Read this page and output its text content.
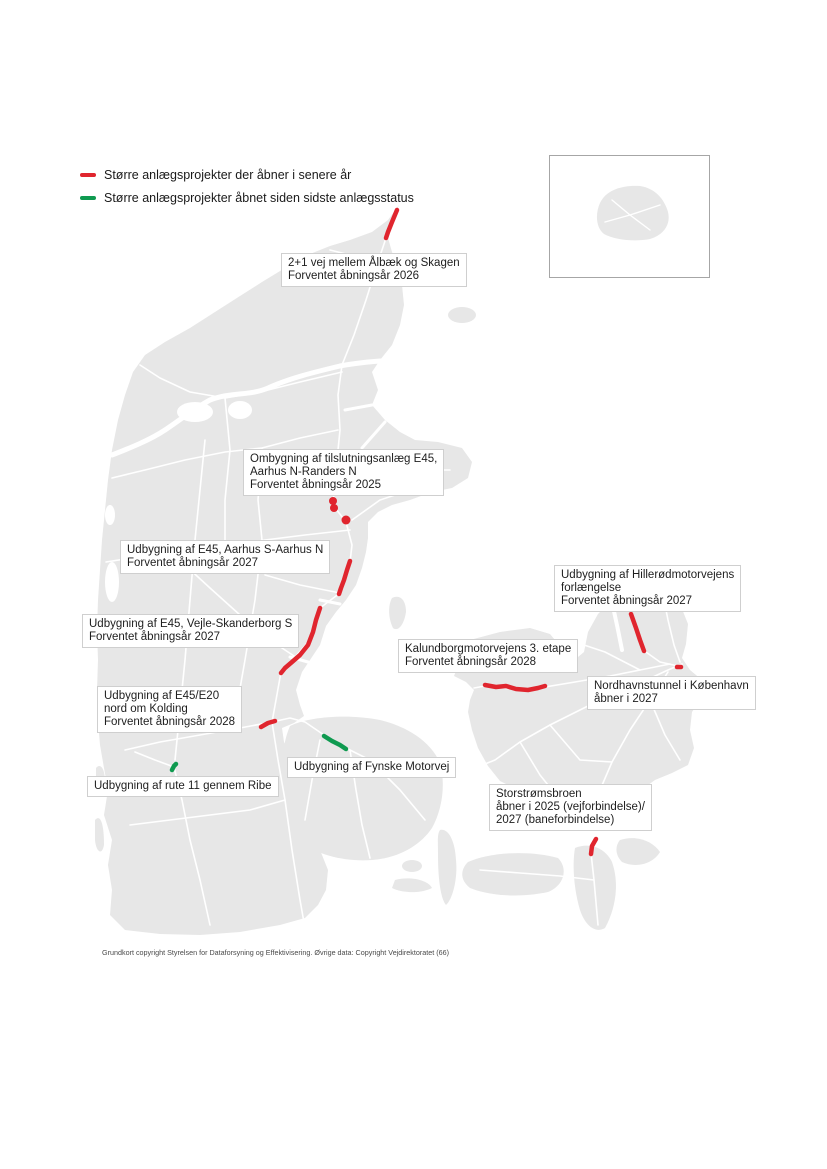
Større anlægsprojekter der åbner i senere år
Større anlægsprojekter åbnet siden sidste anlægsstatus
2+1 vej mellem Ålbæk og Skagen
Forventet åbningsår 2026
Ombygning af tilslutningsanlæg E45,
Aarhus N-Randers N
Forventet åbningsår 2025
Udbygning af E45, Aarhus S-Aarhus N
Forventet åbningsår 2027
Udbygning af E45, Vejle-Skanderborg S
Forventet åbningsår 2027
Udbygning af E45/E20
nord om Kolding
Forventet åbningsår 2028
Udbygning af rute 11 gennem Ribe
Udbygning af Fynske Motorvej
Kalundborgmotorvejens 3. etape
Forventet åbningsår 2028
Udbygning af Hillerødmotorvejens
forlængelse
Forventet åbningsår 2027
Nordhavnstunnel i København
åbner i 2027
Storstrømsbroen
åbner i 2025 (vejforbindelse)/
2027 (baneforbindelse)
Grundkort copyright Styrelsen for Dataforsyning og Effektivisering. Øvrige data: Copyright Vejdirektoratet (66)
